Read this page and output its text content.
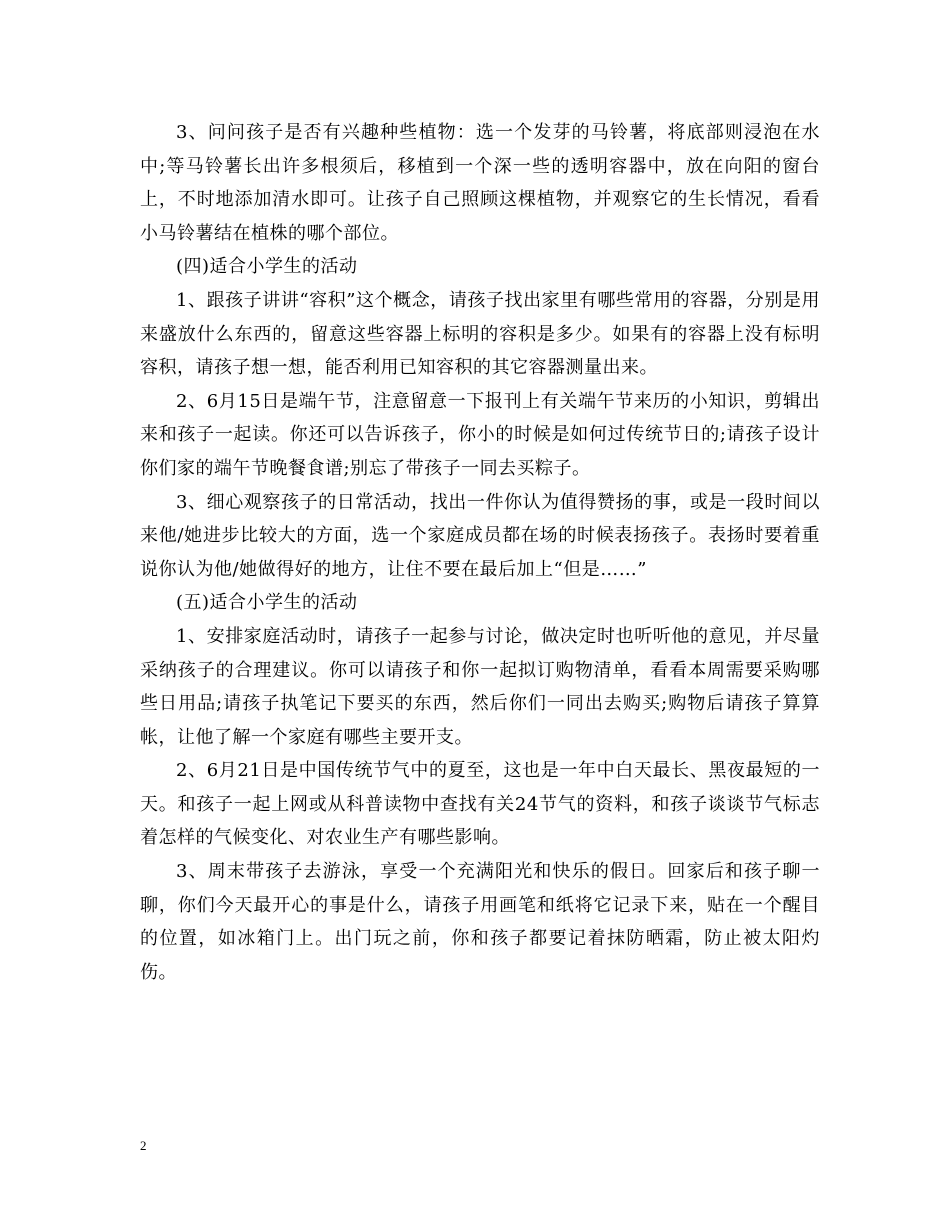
3、问问孩子是否有兴趣种些植物：选一个发芽的马铃薯，将底部则浸泡在水中;等马铃薯长出许多根须后，移植到一个深一些的透明容器中，放在向阳的窗台上，不时地添加清水即可。让孩子自己照顾这棵植物，并观察它的生长情况，看看小马铃薯结在植株的哪个部位。

(四)适合小学生的活动

1、跟孩子讲讲“容积”这个概念，请孩子找出家里有哪些常用的容器，分别是用来盛放什么东西的，留意这些容器上标明的容积是多少。如果有的容器上没有标明容积，请孩子想一想，能否利用已知容积的其它容器测量出来。

2、6月15日是端午节，注意留意一下报刊上有关端午节来历的小知识，剪辑出来和孩子一起读。你还可以告诉孩子，你小的时候是如何过传统节日的;请孩子设计你们家的端午节晚餐食谱;别忘了带孩子一同去买粽子。

3、细心观察孩子的日常活动，找出一件你认为值得赞扬的事，或是一段时间以来他/她进步比较大的方面，选一个家庭成员都在场的时候表扬孩子。表扬时要着重说你认为他/她做得好的地方，让住不要在最后加上“但是……”

(五)适合小学生的活动

1、安排家庭活动时，请孩子一起参与讨论，做决定时也听听他的意见，并尽量采纳孩子的合理建议。你可以请孩子和你一起拟订购物清单，看看本周需要采购哪些日用品;请孩子执笔记下要买的东西，然后你们一同出去购买;购物后请孩子算算帐，让他了解一个家庭有哪些主要开支。

2、6月21日是中国传统节气中的夏至，这也是一年中白天最长、黑夜最短的一天。和孩子一起上网或从科普读物中查找有关24节气的资料，和孩子谈谈节气标志着怎样的气候变化、对农业生产有哪些影响。

3、周末带孩子去游泳，享受一个充满阳光和快乐的假日。回家后和孩子聊一聊，你们今天最开心的事是什么，请孩子用画笔和纸将它记录下来，贴在一个醒目的位置，如冰箱门上。出门玩之前，你和孩子都要记着抹防晒霜，防止被太阳灼伤。

2
